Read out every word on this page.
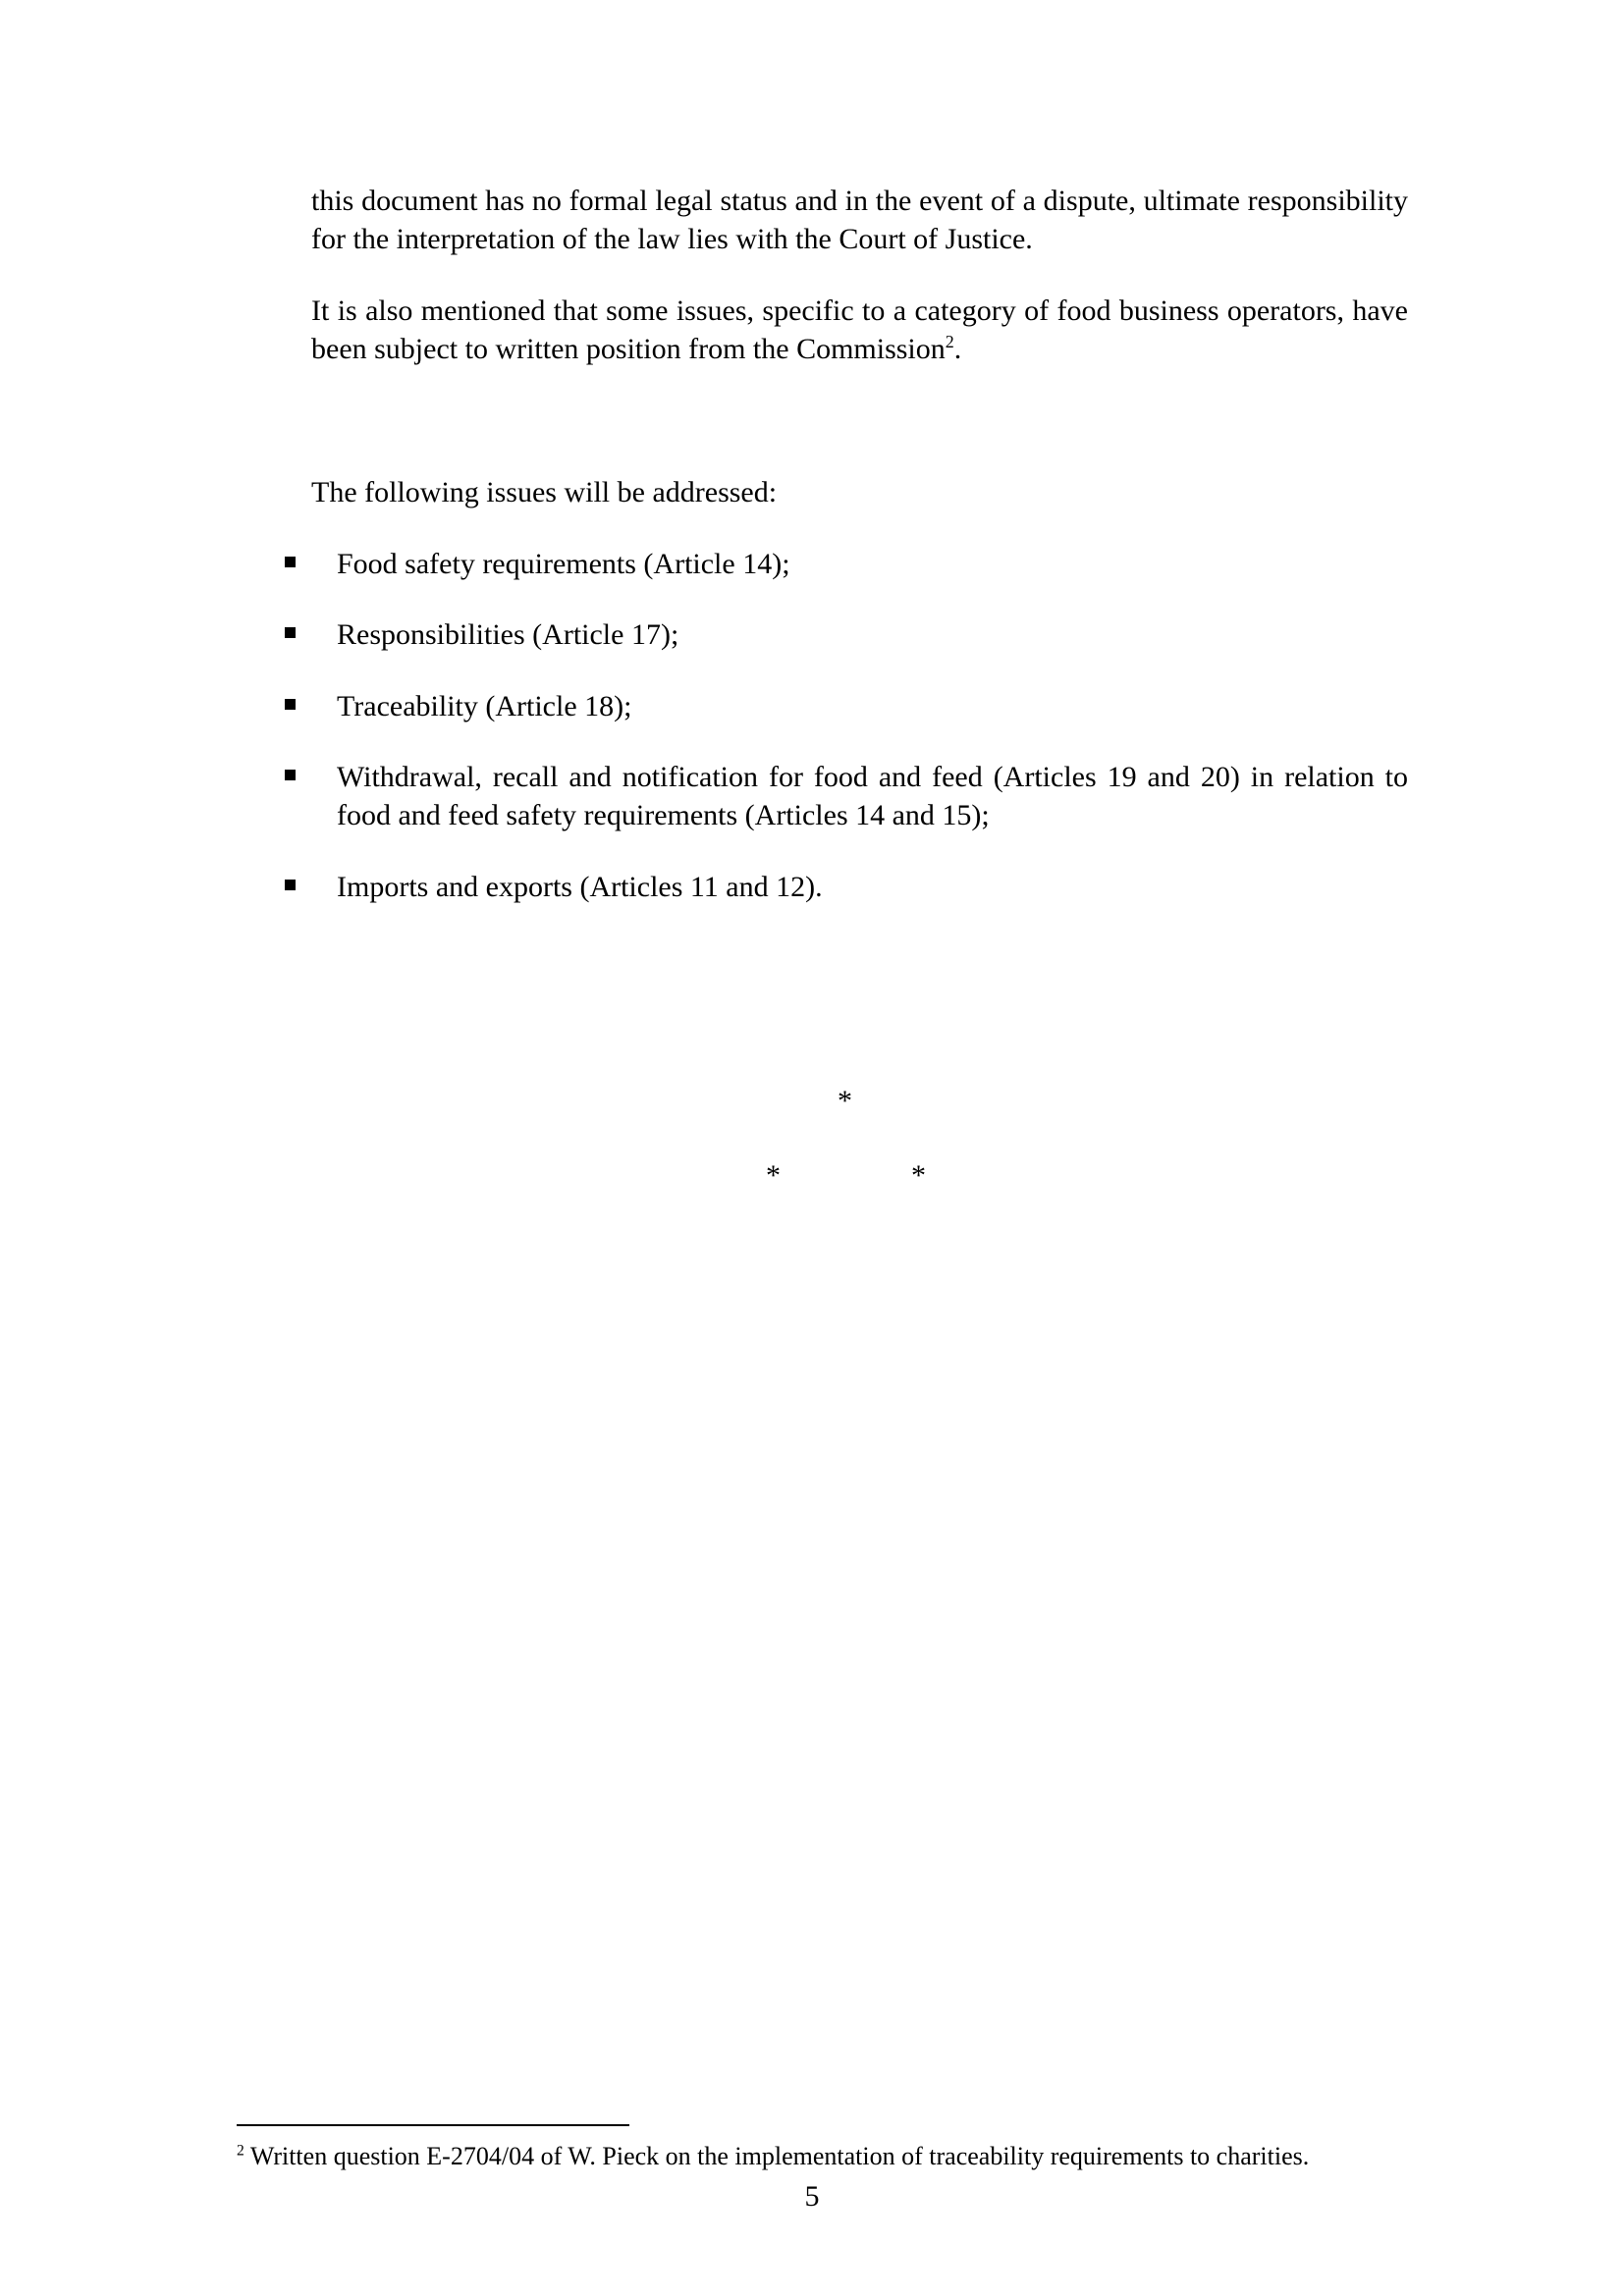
this document has no formal legal status and in the event of a dispute, ultimate responsibility for the interpretation of the law lies with the Court of Justice.

It is also mentioned that some issues, specific to a category of food business operators, have been subject to written position from the Commission$^2$.

The following issues will be addressed:

Food safety requirements (Article 14);
Responsibilities (Article 17);
Traceability (Article 18);
Withdrawal, recall and notification for food and feed (Articles 19 and 20) in relation to food and feed safety requirements (Articles 14 and 15);
Imports and exports (Articles 11 and 12).
*
*	*
$^2$ Written question E-2704/04 of W. Pieck on the implementation of traceability requirements to charities.
5
